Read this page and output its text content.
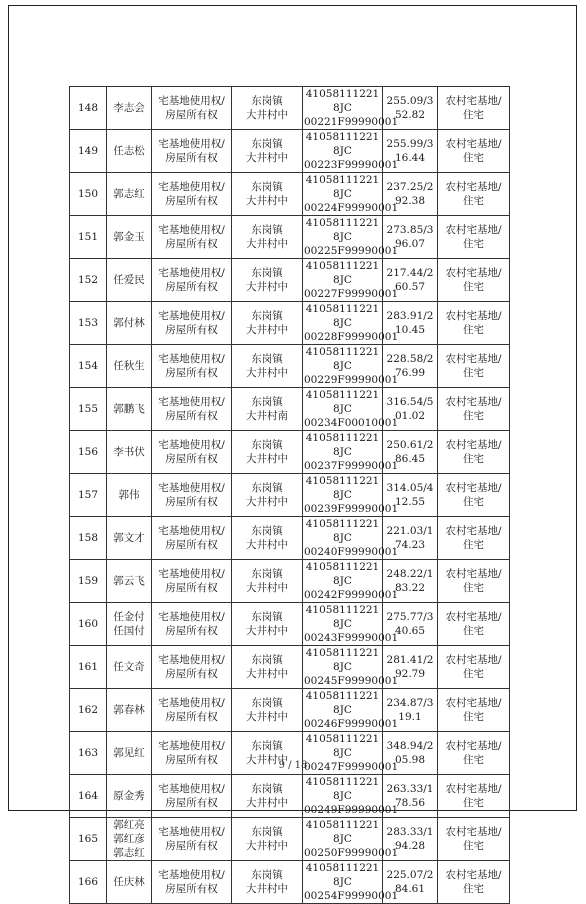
148	李志会	宅基地使用权/
房屋所有权	东岗镇
大井村中	41058111221 8JC
00221F99990001	255.09/3
52.82	农村宅基地/
住宅

149	任志松	宅基地使用权/
房屋所有权	东岗镇
大井村中	41058111221 8JC
00223F99990001	255.99/3
16.44	农村宅基地/
住宅

150	郭志红	宅基地使用权/
房屋所有权	东岗镇
大井村中	41058111221 8JC
00224F99990001	237.25/2
92.38	农村宅基地/
住宅

151	郭金玉	宅基地使用权/
房屋所有权	东岗镇
大井村中	41058111221 8JC
00225F99990001	273.85/3
96.07	农村宅基地/
住宅

152	任爱民	宅基地使用权/
房屋所有权	东岗镇
大井村中	41058111221 8JC
00227F99990001	217.44/2
60.57	农村宅基地/
住宅

153	郭付林	宅基地使用权/
房屋所有权	东岗镇
大井村中	41058111221 8JC
00228F99990001	283.91/2
10.45	农村宅基地/
住宅

154	任秋生	宅基地使用权/
房屋所有权	东岗镇
大井村中	41058111221 8JC
00229F99990001	228.58/2
76.99	农村宅基地/
住宅

155	郭鹏飞	宅基地使用权/
房屋所有权	东岗镇
大井村南	41058111221 8JC
00234F00010001	316.54/5
01.02	农村宅基地/
住宅

156	李书伏	宅基地使用权/
房屋所有权	东岗镇
大井村中	41058111221 8JC
00237F99990001	250.61/2
86.45	农村宅基地/
住宅

157	郭伟	宅基地使用权/
房屋所有权	东岗镇
大井村中	41058111221 8JC
00239F99990001	314.05/4
12.55	农村宅基地/
住宅

158	郭文才	宅基地使用权/
房屋所有权	东岗镇
大井村中	41058111221 8JC
00240F99990001	221.03/1
74.23	农村宅基地/
住宅

159	郭云飞	宅基地使用权/
房屋所有权	东岗镇
大井村中	41058111221 8JC
00242F99990001	248.22/1
83.22	农村宅基地/
住宅

160	任金付
任国付	宅基地使用权/
房屋所有权	东岗镇
大井村中	41058111221 8JC
00243F99990001	275.77/3
40.65	农村宅基地/
住宅

161	任文奇	宅基地使用权/
房屋所有权	东岗镇
大井村中	41058111221 8JC
00245F99990001	281.41/2
92.79	农村宅基地/
住宅

162	郭春林	宅基地使用权/
房屋所有权	东岗镇
大井村中	41058111221 8JC
00246F99990001	234.87/3
19.1	农村宅基地/
住宅

163	郭见红	宅基地使用权/
房屋所有权	东岗镇
大井村中	41058111221 8JC
00247F99990001	348.94/2
05.98	农村宅基地/
住宅

164	原金秀	宅基地使用权/
房屋所有权	东岗镇
大井村中	41058111221 8JC
00249F99990001	263.33/1
78.56	农村宅基地/
住宅

165	郭红亮
郭红彦
郭志红	宅基地使用权/
房屋所有权	东岗镇
大井村中	41058111221 8JC
00250F99990001	283.33/1
94.28	农村宅基地/
住宅

166	任庆林	宅基地使用权/
房屋所有权	东岗镇
大井村中	41058111221 8JC
00254F99990001	225.07/2
84.61	农村宅基地/
住宅
9 / 18
